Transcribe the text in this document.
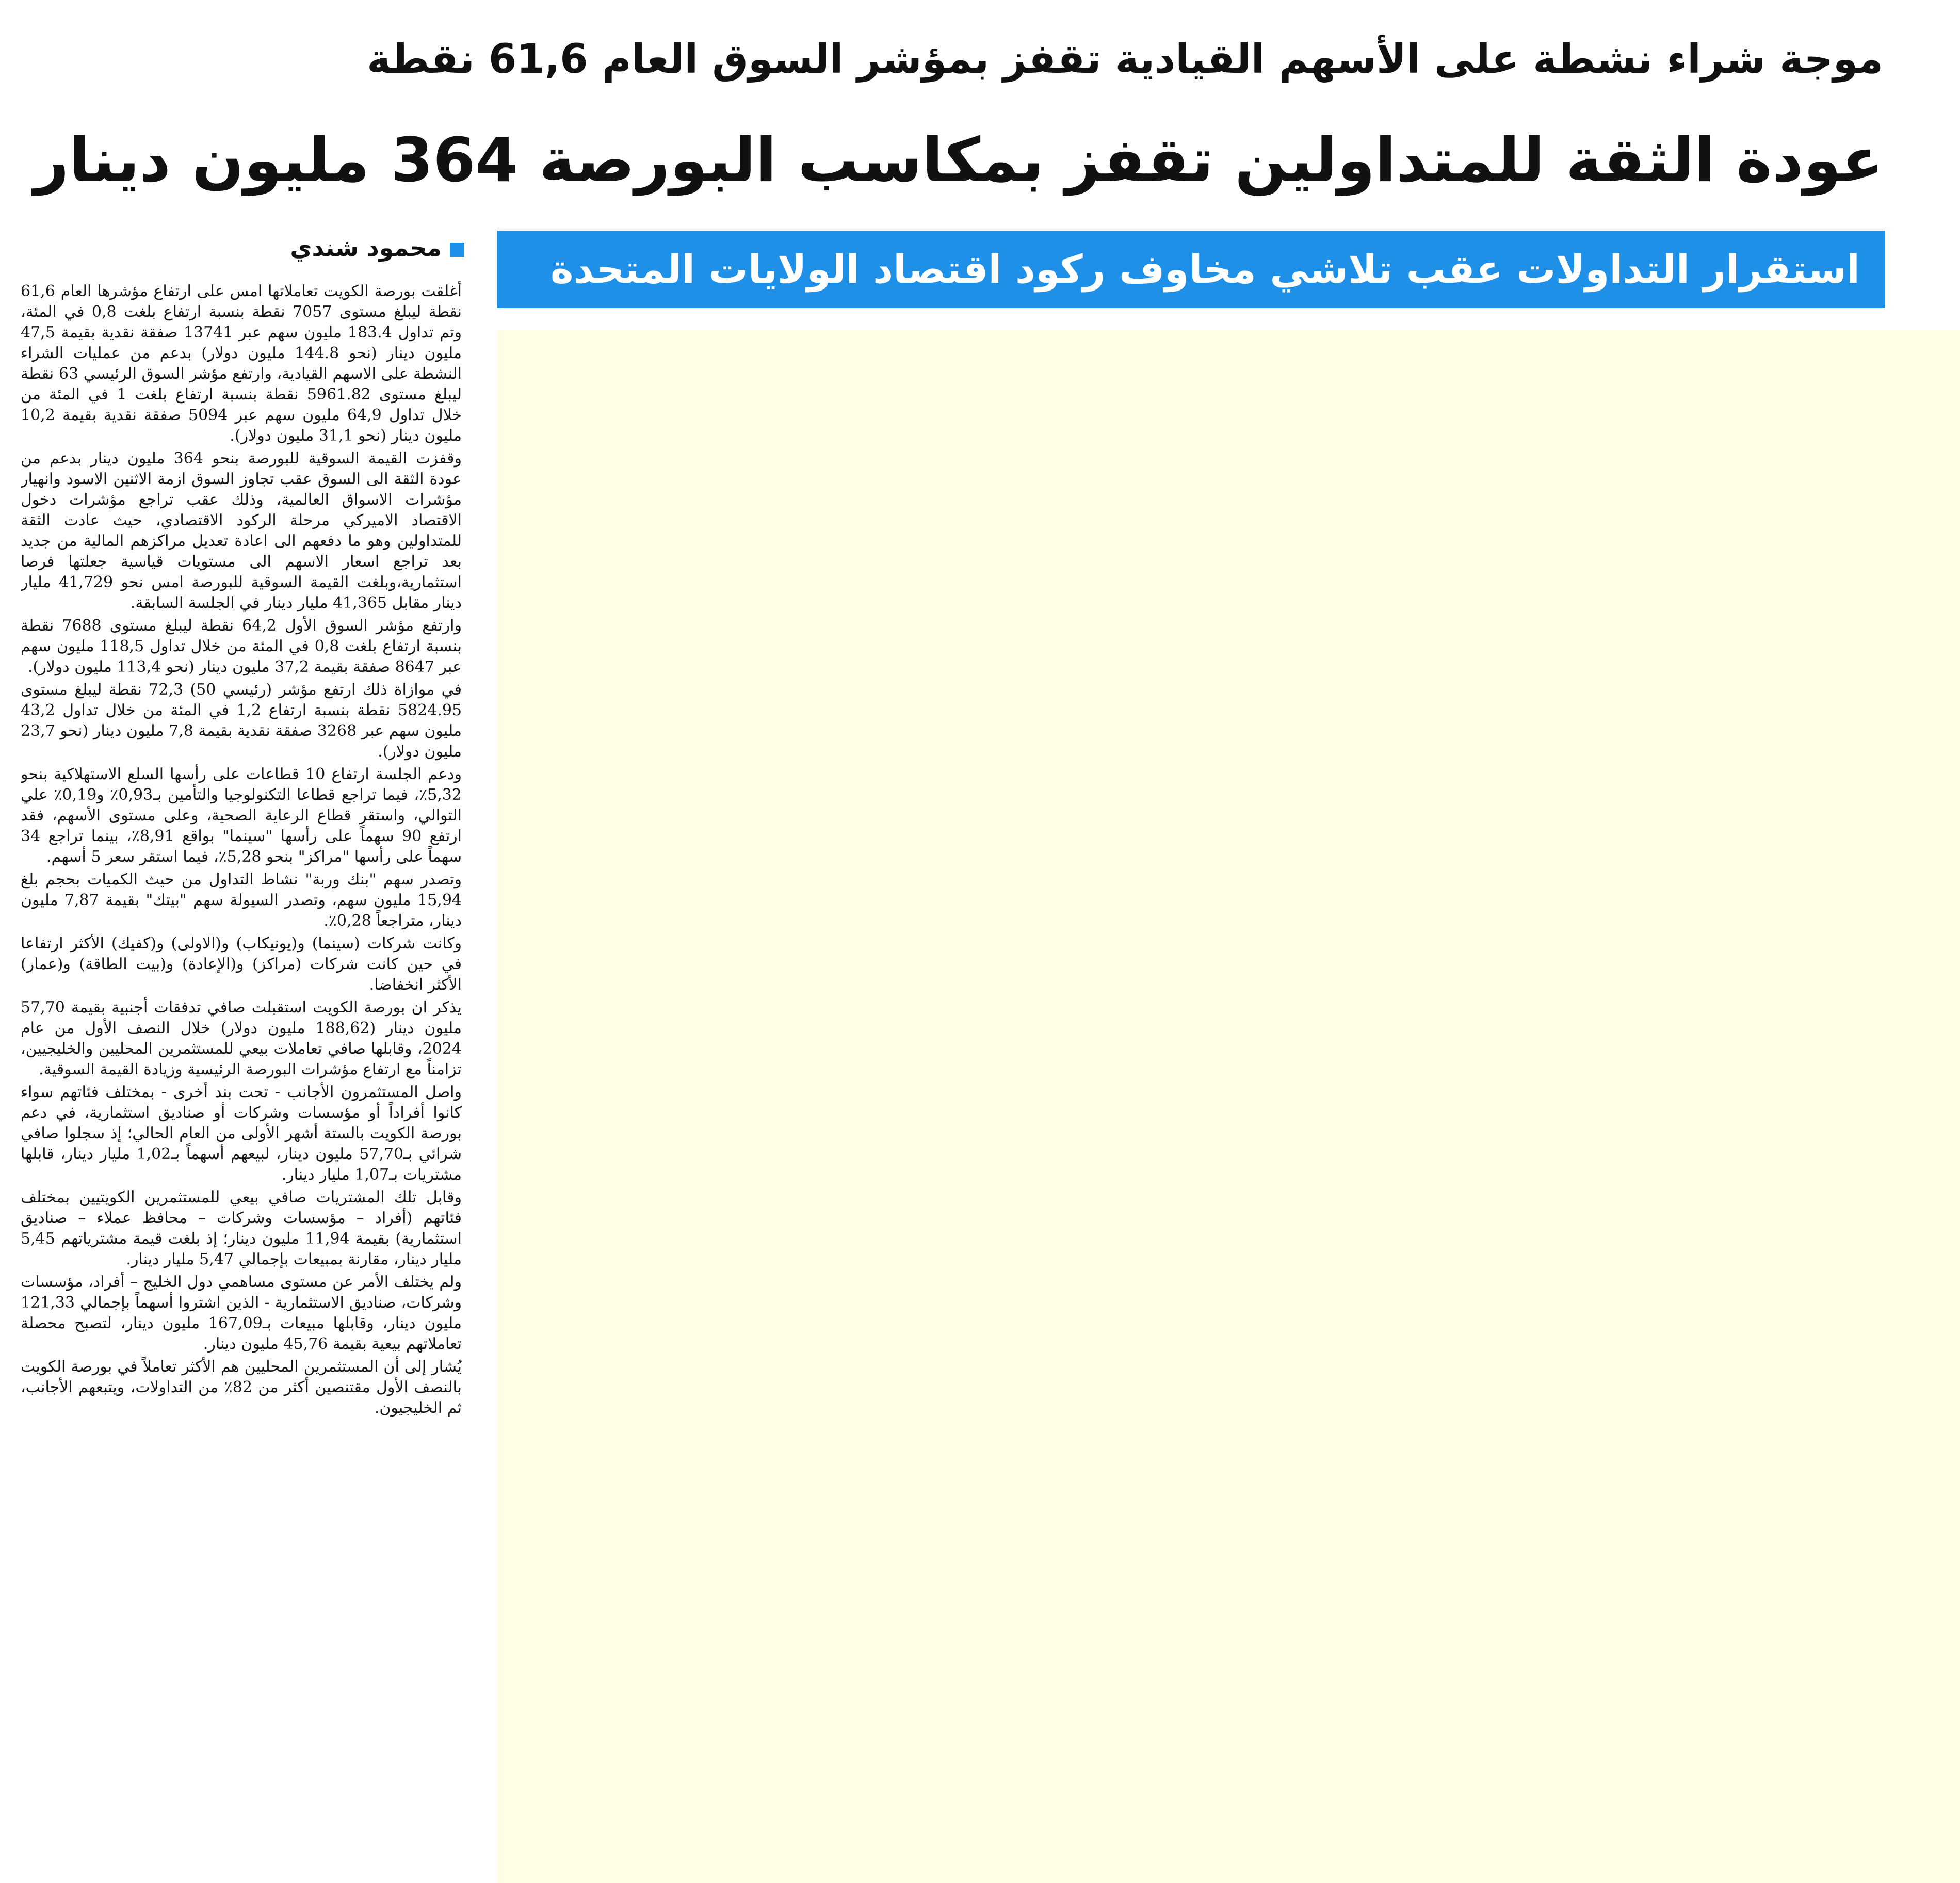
موجة شراء نشطة على الأسهم القيادية تقفز بمؤشر السوق العام 61,6 نقطة
عودة الثقة للمتداولين تقفز بمكاسب البورصة 364 مليون دينار
استقرار التداولات عقب تلاشي مخاوف ركود اقتصاد الولايات المتحدة
محمود شندي

أغلقت بورصة الكويت تعاملاتها امس على ارتفاع مؤشرها العام 61,6 نقطة ليبلغ مستوى 7057 نقطة بنسبة ارتفاع بلغت 0,8 في المئة، وتم تداول 183.4 مليون سهم عبر 13741 صفقة نقدية بقيمة 47,5 مليون دينار (نحو 144.8 مليون دولار) بدعم من عمليات الشراء النشطة على الاسهم القيادية، وارتفع مؤشر السوق الرئيسي 63 نقطة ليبلغ مستوى 5961.82 نقطة بنسبة ارتفاع بلغت 1 في المئة من خلال تداول 64,9 مليون سهم عبر 5094 صفقة نقدية بقيمة 10,2 مليون دينار (نحو 31,1 مليون دولار).

وقفزت القيمة السوقية للبورصة بنحو 364 مليون دينار بدعم من عودة الثقة الى السوق عقب تجاوز السوق ازمة الاثنين الاسود وانهيار مؤشرات الاسواق العالمية، وذلك عقب تراجع مؤشرات دخول الاقتصاد الاميركي مرحلة الركود الاقتصادي، حيث عادت الثقة للمتداولين وهو ما دفعهم الى اعادة تعديل مراكزهم المالية من جديد بعد تراجع اسعار الاسهم الى مستويات قياسية جعلتها فرصا استثمارية،وبلغت القيمة السوقية للبورصة امس نحو 41,729 مليار دينار مقابل 41,365 مليار دينار في الجلسة السابقة.

وارتفع مؤشر السوق الأول 64,2 نقطة ليبلغ مستوى 7688 نقطة بنسبة ارتفاع بلغت 0,8 في المئة من خلال تداول 118,5 مليون سهم عبر 8647 صفقة بقيمة 37,2 مليون دينار (نحو 113,4 مليون دولار).

في موازاة ذلك ارتفع مؤشر (رئيسي 50) 72,3 نقطة ليبلغ مستوى 5824.95 نقطة بنسبة ارتفاع 1,2 في المئة من خلال تداول 43,2 مليون سهم عبر 3268 صفقة نقدية بقيمة 7,8 مليون دينار (نحو 23,7 مليون دولار).

ودعم الجلسة ارتفاع 10 قطاعات على رأسها السلع الاستهلاكية بنحو 5,32٪، فيما تراجع قطاعا التكنولوجيا والتأمين بـ0,93٪ و0,19٪ علي التوالي، واستقر قطاع الرعاية الصحية، وعلى مستوى الأسهم، فقد ارتفع 90 سهماً على رأسها "سينما" بواقع 8,91٪، بينما تراجع 34 سهماً على رأسها "مراكز" بنحو 5,28٪، فيما استقر سعر 5 أسهم.

وتصدر سهم "بنك وربة" نشاط التداول من حيث الكميات بحجم بلغ 15,94 مليون سهم، وتصدر السيولة سهم "بيتك" بقيمة 7,87 مليون دينار، متراجعاً 0,28٪.

وكانت شركات (سينما) و(يونيكاب) و(الاولى) و(كفيك) الأكثر ارتفاعا في حين كانت شركات (مراكز) و(الإعادة) و(بيت الطاقة) و(عمار) الأكثر انخفاضا.

يذكر ان بورصة الكويت استقبلت صافي تدفقات أجنبية بقيمة 57,70 مليون دينار (188,62 مليون دولار) خلال النصف الأول من عام 2024، وقابلها صافي تعاملات بيعي للمستثمرين المحليين والخليجيين، تزامناً مع ارتفاع مؤشرات البورصة الرئيسية وزيادة القيمة السوقية.

واصل المستثمرون الأجانب - تحت بند أخرى - بمختلف فئاتهم سواء كانوا أفراداً أو مؤسسات وشركات أو صناديق استثمارية، في دعم بورصة الكويت بالستة أشهر الأولى من العام الحالي؛ إذ سجلوا صافي شرائي بـ57,70 مليون دينار، لبيعهم أسهماً بـ1,02 مليار دينار، قابلها مشتريات بـ1,07 مليار دينار.

وقابل تلك المشتريات صافي بيعي للمستثمرين الكويتيين بمختلف فئاتهم (أفراد – مؤسسات وشركات – محافظ عملاء – صناديق استثمارية) بقيمة 11,94 مليون دينار؛ إذ بلغت قيمة مشترياتهم 5,45 مليار دينار، مقارنة بمبيعات بإجمالي 5,47 مليار دينار.

ولم يختلف الأمر عن مستوى مساهمي دول الخليج – أفراد، مؤسسات وشركات، صناديق الاستثمارية - الذين اشتروا أسهماً بإجمالي 121,33 مليون دينار، وقابلها مبيعات بـ167,09 مليون دينار، لتصبح محصلة تعاملاتهم بيعية بقيمة 45,76 مليون دينار.

يُشار إلى أن المستثمرين المحليين هم الأكثر تعاملاً في بورصة الكويت بالنصف الأول مقتنصين أكثر من 82٪ من التداولات، ويتبعهم الأجانب، ثم الخليجيون.
